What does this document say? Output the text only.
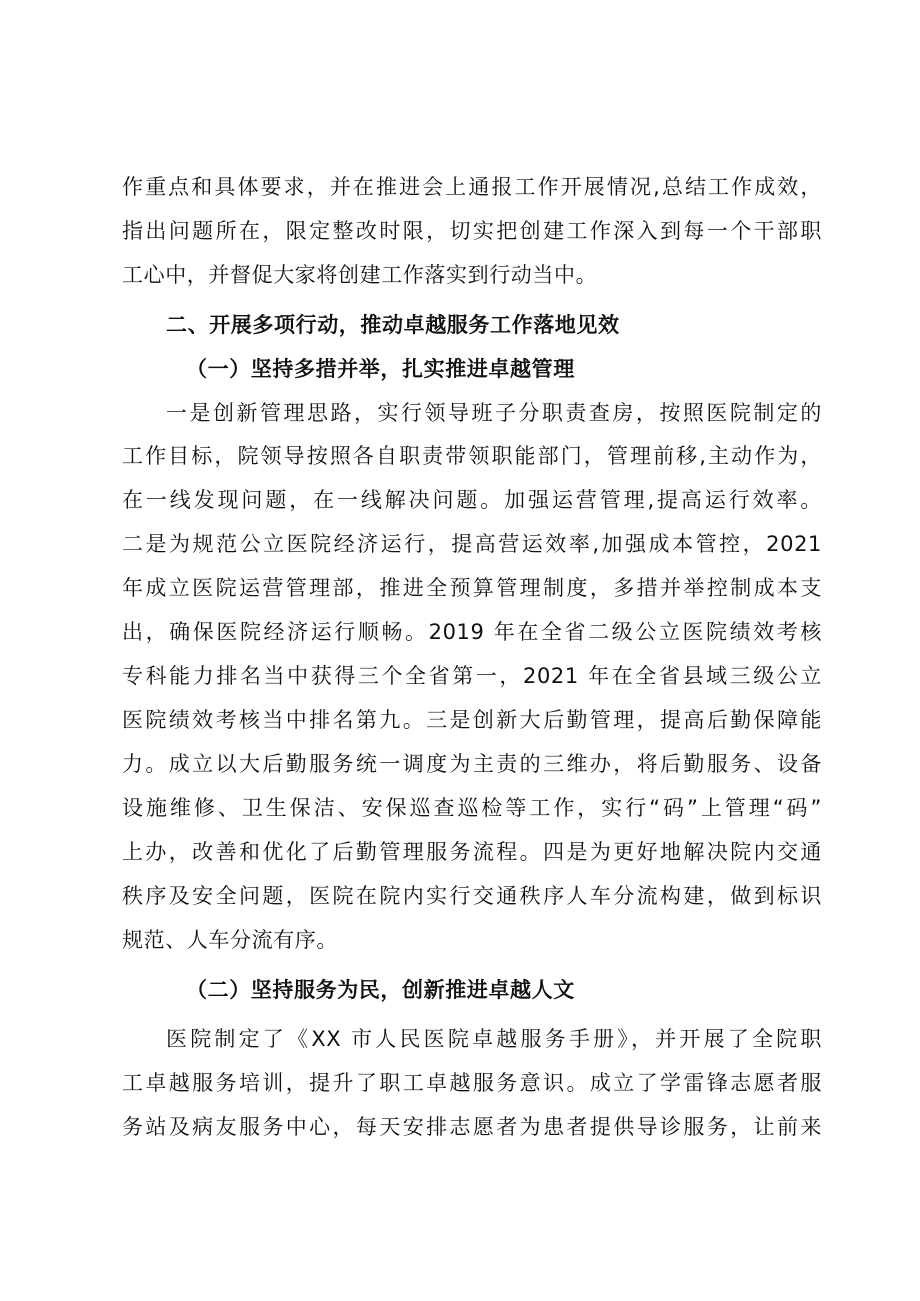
作重点和具体要求，并在推进会上通报工作开展情况,总结工作成效，
指出问题所在，限定整改时限，切实把创建工作深入到每一个干部职
工心中，并督促大家将创建工作落实到行动当中。
二、开展多项行动，推动卓越服务工作落地见效
（一）坚持多措并举，扎实推进卓越管理
一是创新管理思路，实行领导班子分职责查房，按照医院制定的
工作目标，院领导按照各自职责带领职能部门，管理前移,主动作为，
在一线发现问题，在一线解决问题。加强运营管理,提高运行效率。
二是为规范公立医院经济运行，提高营运效率,加强成本管控，2021
年成立医院运营管理部，推进全预算管理制度，多措并举控制成本支
出，确保医院经济运行顺畅。2019 年在全省二级公立医院绩效考核
专科能力排名当中获得三个全省第一，2021 年在全省县域三级公立
医院绩效考核当中排名第九。三是创新大后勤管理，提高后勤保障能
力。成立以大后勤服务统一调度为主责的三维办，将后勤服务、设备
设施维修、卫生保洁、安保巡查巡检等工作，实行“码”上管理“码”
上办，改善和优化了后勤管理服务流程。四是为更好地解决院内交通
秩序及安全问题，医院在院内实行交通秩序人车分流构建，做到标识
规范、人车分流有序。
（二）坚持服务为民，创新推进卓越人文
医院制定了《XX 市人民医院卓越服务手册》，并开展了全院职
工卓越服务培训，提升了职工卓越服务意识。成立了学雷锋志愿者服
务站及病友服务中心，每天安排志愿者为患者提供导诊服务，让前来
